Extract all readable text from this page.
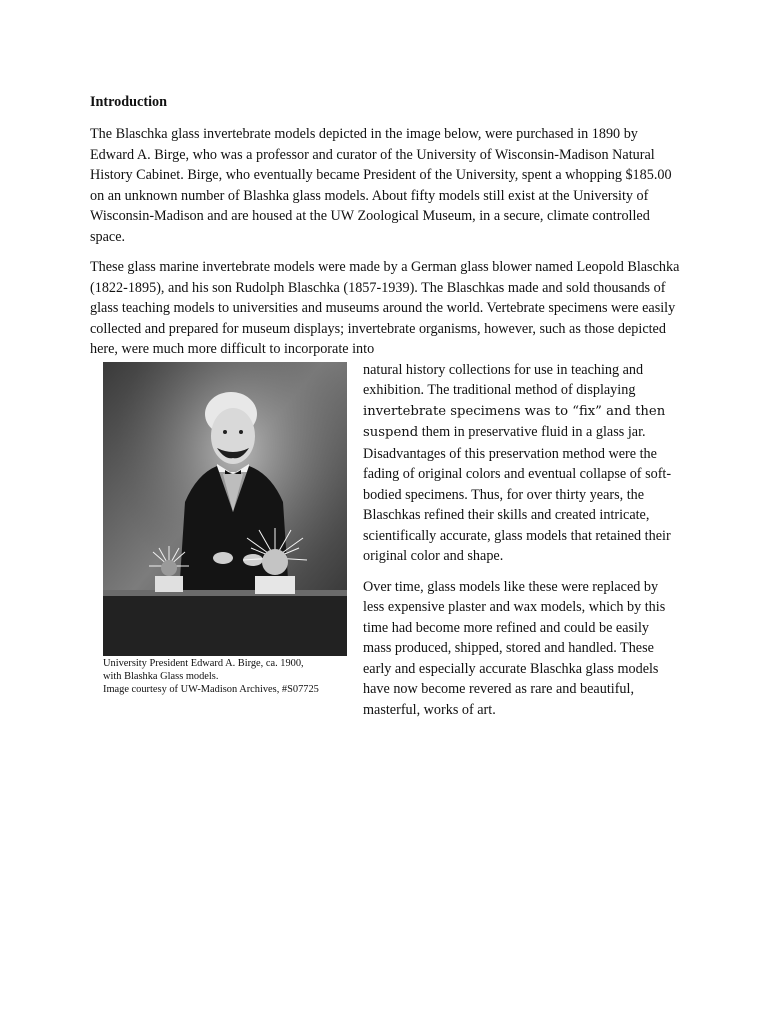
Introduction

The Blaschka glass invertebrate models depicted in the image below, were purchased in 1890 by Edward A. Birge, who was a professor and curator of the University of Wisconsin-Madison Natural History Cabinet. Birge, who eventually became President of the University, spent a whopping $185.00 on an unknown number of Blashka glass models. About fifty models still exist at the University of Wisconsin-Madison and are housed at the UW Zoological Museum, in a secure, climate controlled space.

These glass marine invertebrate models were made by a German glass blower named Leopold Blaschka (1822-1895), and his son Rudolph Blaschka (1857-1939). The Blaschkas made and sold thousands of glass teaching models to universities and museums around the world. Vertebrate specimens were easily collected and prepared for museum displays; invertebrate organisms, however, such as those depicted here, were much more difficult to incorporate into

University President Edward A. Birge, ca. 1900,
with Blashka Glass models.
Image courtesy of UW-Madison Archives, #S07725

natural history collections for use in teaching and exhibition. The traditional method of displaying invertebrate specimens was to “fix” and then suspend them in preservative fluid in a glass jar. Disadvantages of this preservation method were the fading of original colors and eventual collapse of soft-bodied specimens. Thus, for over thirty years, the Blaschkas refined their skills and created intricate, scientifically accurate, glass models that retained their original color and shape.

Over time, glass models like these were replaced by less expensive plaster and wax models, which by this time had become more refined and could be easily mass produced, shipped, stored and handled. These early and especially accurate Blaschka glass models have now become revered as rare and beautiful, masterful, works of art.
